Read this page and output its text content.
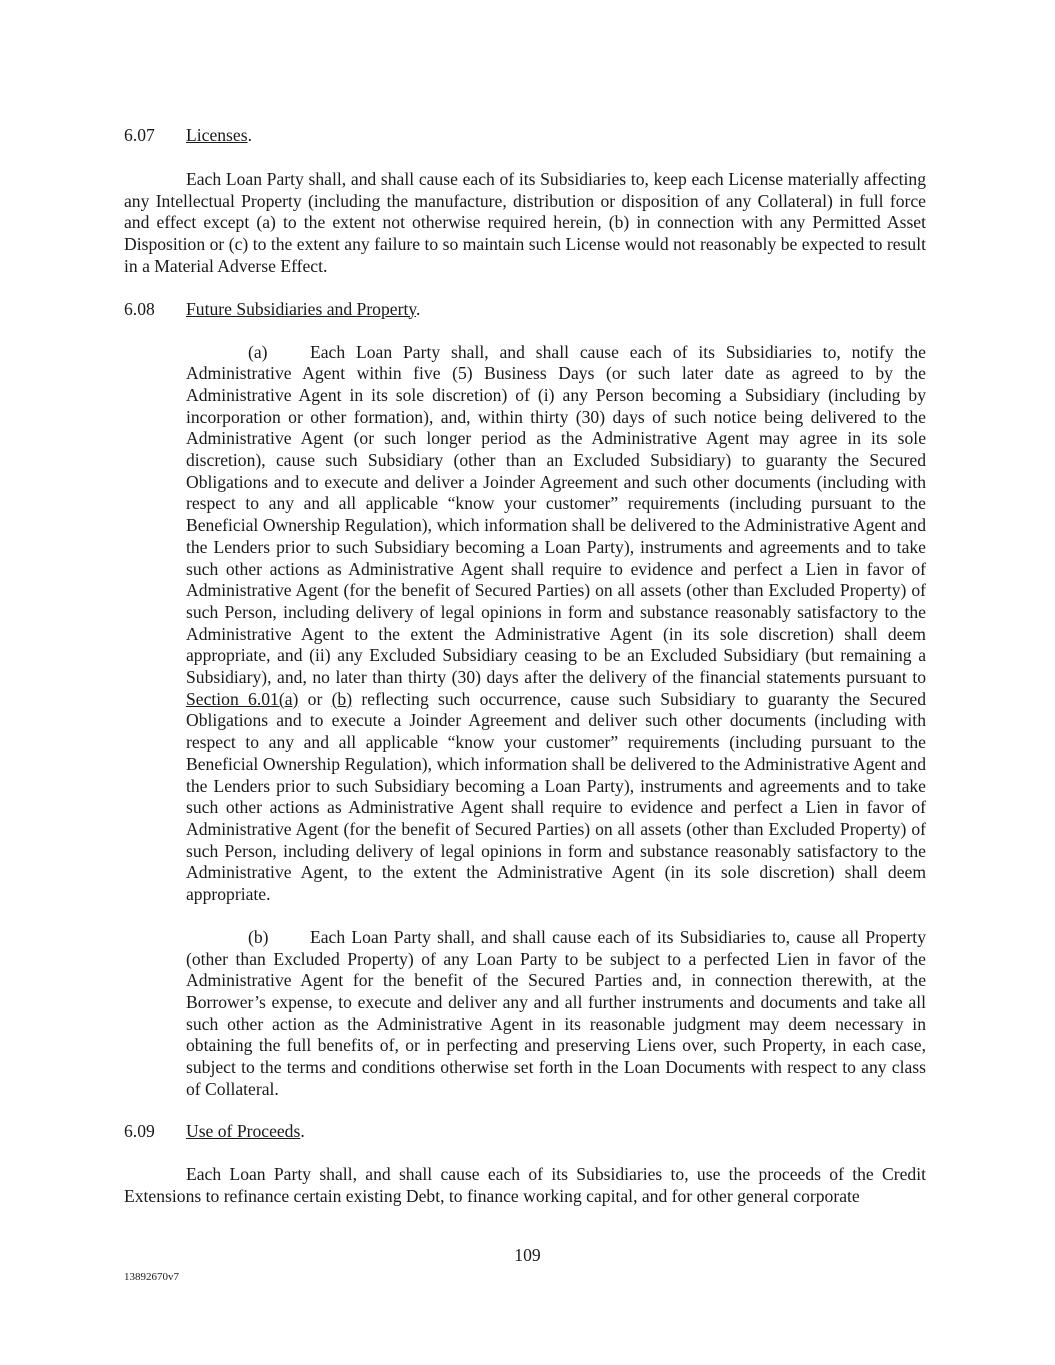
6.07 Licenses.

Each Loan Party shall, and shall cause each of its Subsidiaries to, keep each License materially affecting any Intellectual Property (including the manufacture, distribution or disposition of any Collateral) in full force and effect except (a) to the extent not otherwise required herein, (b) in connection with any Permitted Asset Disposition or (c) to the extent any failure to so maintain such License would not reasonably be expected to result in a Material Adverse Effect.

6.08 Future Subsidiaries and Property.

(a) Each Loan Party shall, and shall cause each of its Subsidiaries to, notify the Administrative Agent within five (5) Business Days (or such later date as agreed to by the Administrative Agent in its sole discretion) of (i) any Person becoming a Subsidiary (including by incorporation or other formation), and, within thirty (30) days of such notice being delivered to the Administrative Agent (or such longer period as the Administrative Agent may agree in its sole discretion), cause such Subsidiary (other than an Excluded Subsidiary) to guaranty the Secured Obligations and to execute and deliver a Joinder Agreement and such other documents (including with respect to any and all applicable “know your customer” requirements (including pursuant to the Beneficial Ownership Regulation), which information shall be delivered to the Administrative Agent and the Lenders prior to such Subsidiary becoming a Loan Party), instruments and agreements and to take such other actions as Administrative Agent shall require to evidence and perfect a Lien in favor of Administrative Agent (for the benefit of Secured Parties) on all assets (other than Excluded Property) of such Person, including delivery of legal opinions in form and substance reasonably satisfactory to the Administrative Agent to the extent the Administrative Agent (in its sole discretion) shall deem appropriate, and (ii) any Excluded Subsidiary ceasing to be an Excluded Subsidiary (but remaining a Subsidiary), and, no later than thirty (30) days after the delivery of the financial statements pursuant to Section 6.01(a) or (b) reflecting such occurrence, cause such Subsidiary to guaranty the Secured Obligations and to execute a Joinder Agreement and deliver such other documents (including with respect to any and all applicable “know your customer” requirements (including pursuant to the Beneficial Ownership Regulation), which information shall be delivered to the Administrative Agent and the Lenders prior to such Subsidiary becoming a Loan Party), instruments and agreements and to take such other actions as Administrative Agent shall require to evidence and perfect a Lien in favor of Administrative Agent (for the benefit of Secured Parties) on all assets (other than Excluded Property) of such Person, including delivery of legal opinions in form and substance reasonably satisfactory to the Administrative Agent, to the extent the Administrative Agent (in its sole discretion) shall deem appropriate.

(b) Each Loan Party shall, and shall cause each of its Subsidiaries to, cause all Property (other than Excluded Property) of any Loan Party to be subject to a perfected Lien in favor of the Administrative Agent for the benefit of the Secured Parties and, in connection therewith, at the Borrower’s expense, to execute and deliver any and all further instruments and documents and take all such other action as the Administrative Agent in its reasonable judgment may deem necessary in obtaining the full benefits of, or in perfecting and preserving Liens over, such Property, in each case, subject to the terms and conditions otherwise set forth in the Loan Documents with respect to any class of Collateral.

6.09 Use of Proceeds.

Each Loan Party shall, and shall cause each of its Subsidiaries to, use the proceeds of the Credit Extensions to refinance certain existing Debt, to finance working capital, and for other general corporate

109
13892670v7
